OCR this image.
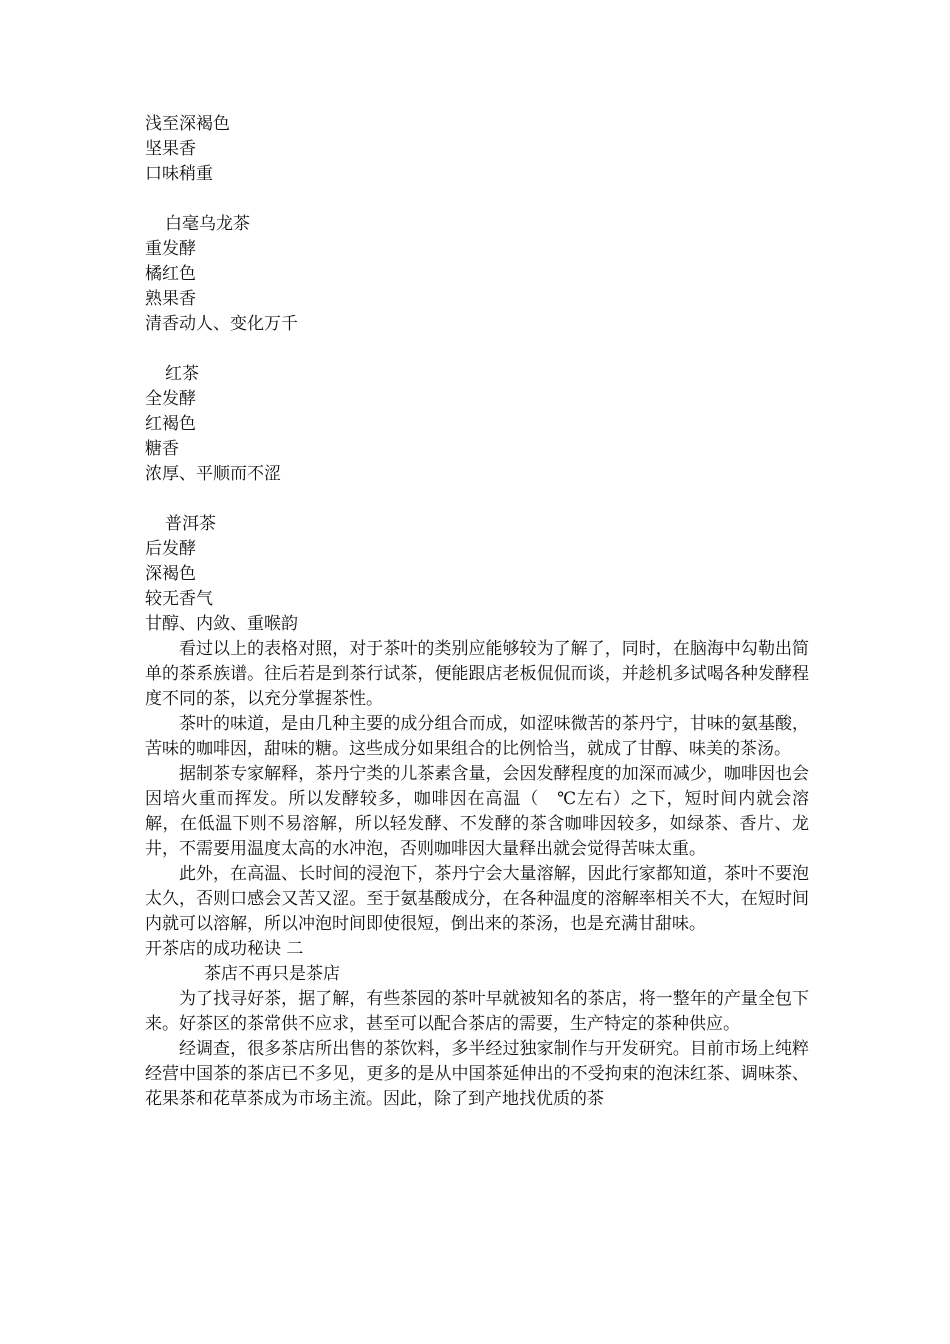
浅至深褐色
坚果香
口味稍重
白毫乌龙茶
重发酵
橘红色
熟果香
清香动人、变化万千
红茶
全发酵
红褐色
糖香
浓厚、平顺而不涩
普洱茶
后发酵
深褐色
较无香气
甘醇、内敛、重喉韵

看过以上的表格对照，对于茶叶的类别应能够较为了解了，同时，在脑海中勾勒出简单的茶系族谱。往后若是到茶行试茶，便能跟店老板侃侃而谈，并趁机多试喝各种发酵程度不同的茶，以充分掌握茶性。

茶叶的味道，是由几种主要的成分组合而成，如涩味微苦的茶丹宁，甘味的氨基酸，苦味的咖啡因，甜味的糖。这些成分如果组合的比例恰当，就成了甘醇、味美的茶汤。

据制茶专家解释，茶丹宁类的儿茶素含量，会因发酵程度的加深而减少，咖啡因也会因培火重而挥发。所以发酵较多，咖啡因在高温（　℃左右）之下，短时间内就会溶解，在低温下则不易溶解，所以轻发酵、不发酵的茶含咖啡因较多，如绿茶、香片、龙井，不需要用温度太高的水冲泡，否则咖啡因大量释出就会觉得苦味太重。

此外，在高温、长时间的浸泡下，茶丹宁会大量溶解，因此行家都知道，茶叶不要泡太久，否则口感会又苦又涩。至于氨基酸成分，在各种温度的溶解率相关不大，在短时间内就可以溶解，所以冲泡时间即使很短，倒出来的茶汤，也是充满甘甜味。

开茶店的成功秘诀 二
茶店不再只是茶店

为了找寻好茶，据了解，有些茶园的茶叶早就被知名的茶店，将一整年的产量全包下来。好茶区的茶常供不应求，甚至可以配合茶店的需要，生产特定的茶种供应。

经调查，很多茶店所出售的茶饮料，多半经过独家制作与开发研究。目前市场上纯粹经营中国茶的茶店已不多见，更多的是从中国茶延伸出的不受拘束的泡沫红茶、调味茶、花果茶和花草茶成为市场主流。因此，除了到产地找优质的茶
